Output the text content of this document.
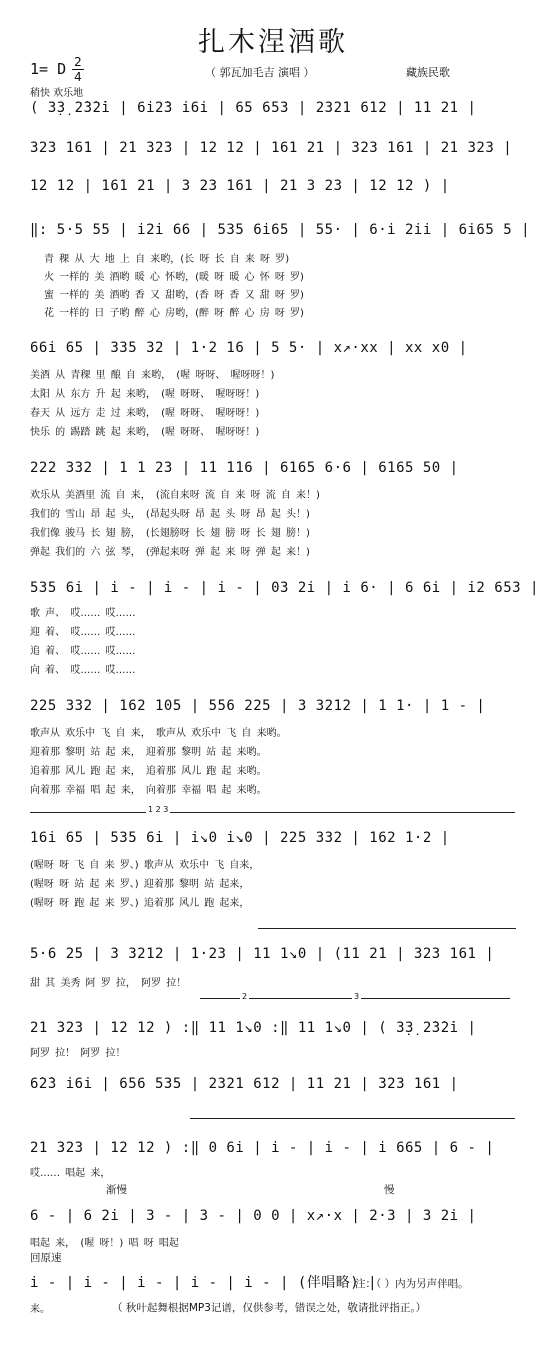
扎木涅酒歌
1= D 2
4	（ 郭瓦加毛吉 演唱 ）	藏族民歌
稍快 欢乐地
( 3̣3̣ 2̇3̇2̇i | 6i2̇3 i6i | 65 653 | 2321 612 | 11 21 |
323 161 | 21 323 | 12 12 | 161 21 | 323 161 | 21 323 |
12 12 | 161 21 | 3 23 161 | 21 3 23 | 12 12 ) |
‖: 5·5 55 | i2i 66 | 535 6i65 | 55· | 6·i 2ii | 6i65 5 |
青 稞 从 大 地 上 自 来哟，(长 呀 长 自 来 呀 罗)
火 一样的 美 酒哟 暖 心 怀哟，(暖 呀 暖 心 怀 呀 罗)
蜜 一样的 美 酒哟 香 又 甜哟，(香 呀 香 又 甜 呀 罗)
花 一样的 日 子哟 醉 心 房哟，(醉 呀 醉 心 房 呀 罗)
66i 65 | 335 32 | 1·2 16 | 5 5· | x↗·xx | xx x0 |
美酒 从 青稞 里 酿 自 来哟， (喔 呀呀、 喔呀呀！)
太阳 从 东方 升 起 来哟， (喔 呀呀、 喔呀呀！)
春天 从 远方 走 过 来哟， (喔 呀呀、 喔呀呀！)
快乐 的 踢踏 跳 起 来哟， (喔 呀呀、 喔呀呀！)
222 332 | 1 1 23 | 11 116 | 6165 6·6 | 6165 50 |
欢乐从 美酒里 流 自 来， (流自来呀 流 自 来 呀 流 自 来！)
我们的 雪山 昂 起 头， (昂起头呀 昂 起 头 呀 昂 起 头！)
我们像 骏马 长 翅 膀， (长翅膀呀 长 翅 膀 呀 长 翅 膀！)
弹起 我们的 六 弦 琴， (弹起来呀 弹 起 来 呀 弹 起 来！)
535 6i | i - | i - | i - | 03 2i | i 6· | 6 6i | i2 653 |
歌 声、 哎…… 哎……
迎 着、 哎…… 哎……
追 着、 哎…… 哎……
向 着、 哎…… 哎……
225 332 | 162 105 | 556 225 | 3 3212 | 1 1· | 1 - |
歌声从 欢乐中 飞 自 来， 歌声从 欢乐中 飞 自 来哟。
迎着那 黎明 站 起 来， 迎着那 黎明 站 起 来哟。
追着那 风儿 跑 起 来， 追着那 风儿 跑 起 来哟。
向着那 幸福 唱 起 来， 向着那 幸福 唱 起 来哟。
1 2 3
16i 65 | 535 6i | i↘0 i↘0 | 225 332 | 162 1·2 |
(喔呀 呀 飞 自 来 罗、) 歌声从 欢乐中 飞 自来，
(喔呀 呀 站 起 来 罗、) 迎着那 黎明 站 起来，
(喔呀 呀 跑 起 来 罗、) 追着那 风儿 跑 起来，
5·6 25 | 3 3212 | 1·23 | 11 1↘0 | (11 21 | 323 161 |
甜 其 美秀 阿 罗 拉， 阿罗 拉！
2	3
21 323 | 12 12 ) :‖ 11 1↘0 :‖ 11 1↘0 | ( 3̣3̣ 2̇3̇2̇i |
阿罗 拉！ 阿罗 拉！
6̇2̇3 i6i | 656 535 | 2321 612 | 11 21 | 323 161 |
21 323 | 12 12 ) :‖ 0 6i | i - | i - | i 665 | 6 - |
哎…… 唱起 来，
渐慢	慢
6 - | 6 2i | 3 - | 3 - | 0 0 | x↗·x | 2·3 | 3 2i |
唱起 来， (喔 呀！) 唱 呀 唱起
回原速
i - | i - | i - | i - | i - | (伴唱略) |
注：（ ）内为另声伴唱。
来。	（ 秋叶起舞根据MP3记谱，仅供参考，错误之处，敬请批评指正。）
